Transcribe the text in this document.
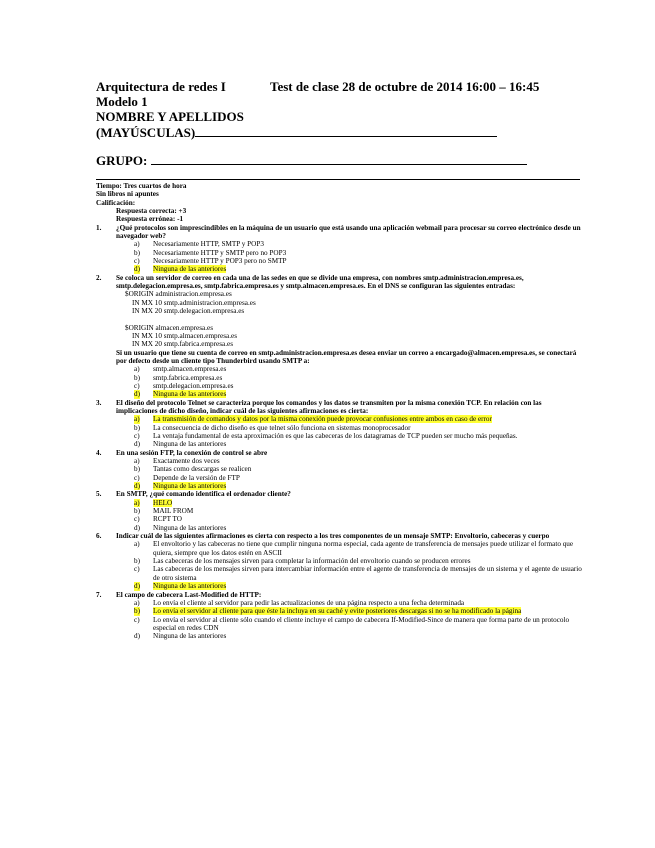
Arquitectura de redes I	Test de clase 28 de octubre de 2014 16:00 – 16:45
Modelo 1
NOMBRE Y APELLIDOS
(MAYÚSCULAS)
GRUPO:
Tiempo: Tres cuartos de hora
Sin libros ni apuntes
Calificación:
Respuesta correcta: +3
Respuesta errónea: -1
1. ¿Qué protocolos son imprescindibles en la máquina de un usuario que está usando una aplicación webmail para procesar su correo electrónico desde un navegador web?
a) Necesariamente HTTP, SMTP y POP3
b) Necesariamente HTTP y SMTP pero no POP3
c) Necesariamente HTTP y POP3 pero no SMTP
d) Ninguna de las anteriores
2. Se coloca un servidor de correo en cada una de las sedes en que se divide una empresa, con nombres smtp.administracion.empresa.es, smtp.delegacion.empresa.es, smtp.fabrica.empresa.es y smtp.almacen.empresa.es. En el DNS se configuran las siguientes entradas:
$ORIGIN administracion.empresa.es
IN MX 10 smtp.administracion.empresa.es
IN MX 20 smtp.delegacion.empresa.es
$ORIGIN almacen.empresa.es
IN MX 10 smtp.almacen.empresa.es
IN MX 20 smtp.fabrica.empresa.es
Si un usuario que tiene su cuenta de correo en smtp.administracion.empresa.es desea enviar un correo a encargado@almacen.empresa.es, se conectará por defecto desde un cliente tipo Thunderbird usando SMTP a:
a) smtp.almacen.empresa.es
b) smtp.fabrica.empresa.es
c) smtp.delegacion.empresa.es
d) Ninguna de las anteriores
3. El diseño del protocolo Telnet se caracteriza porque los comandos y los datos se transmiten por la misma conexión TCP. En relación con las implicaciones de dicho diseño, indicar cuál de las siguientes afirmaciones es cierta:
a) La transmisión de comandos y datos por la misma conexión puede provocar confusiones entre ambos en caso de error
b) La consecuencia de dicho diseño es que telnet sólo funciona en sistemas monoprocesador
c) La ventaja fundamental de esta aproximación es que las cabeceras de los datagramas de TCP pueden ser mucho más pequeñas.
d) Ninguna de las anteriores
4. En una sesión FTP, la conexión de control se abre
a) Exactamente dos veces
b) Tantas como descargas se realicen
c) Depende de la versión de FTP
d) Ninguna de las anteriores
5. En SMTP, ¿qué comando identifica el ordenador cliente?
a) HELO
b) MAIL FROM
c) RCPT TO
d) Ninguna de las anteriores
6. Indicar cuál de las siguientes afirmaciones es cierta con respecto a los tres componentes de un mensaje SMTP: Envoltorio, cabeceras y cuerpo
a) El envoltorio y las cabeceras no tiene que cumplir ninguna norma especial, cada agente de transferencia de mensajes puede utilizar el formato que quiera, siempre que los datos estén en ASCII
b) Las cabeceras de los mensajes sirven para completar la información del envoltorio cuando se producen errores
c) Las cabeceras de los mensajes sirven para intercambiar información entre el agente de transferencia de mensajes de un sistema y el agente de usuario de otro sistema
d) Ninguna de las anteriores
7. El campo de cabecera Last-Modified de HTTP:
a) Lo envía el cliente al servidor para pedir las actualizaciones de una página respecto a una fecha determinada
b) Lo envía el servidor al cliente para que éste la incluya en su caché y evite posteriores descargas si no se ha modificado la página
c) Lo envía el servidor al cliente sólo cuando el cliente incluye el campo de cabecera If-Modified-Since de manera que forma parte de un protocolo especial en redes CDN
d) Ninguna de las anteriores
